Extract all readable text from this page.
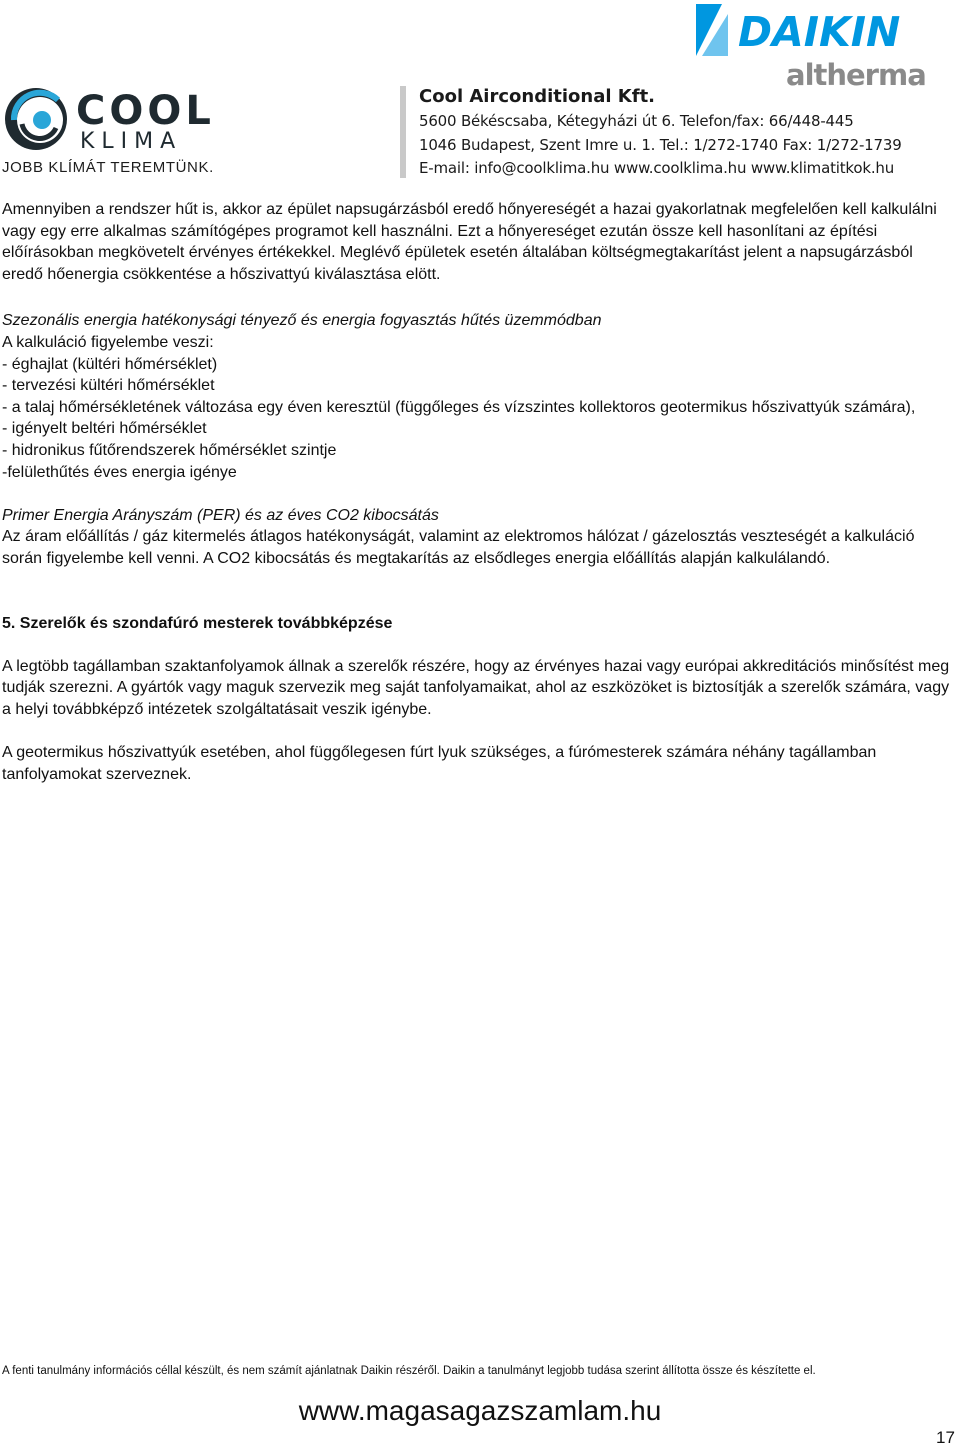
COOL
KLIMA
JOBB KLÍMÁT TEREMTÜNK.
Cool Airconditional Kft.
5600 Békéscsaba, Kétegyházi út 6. Telefon/fax: 66/448-445
1046 Budapest, Szent Imre u. 1. Tel.: 1/272-1740 Fax: 1/272-1739
E-mail: info@coolklima.hu www.coolklima.hu www.klimatitkok.hu
DAIKIN
altherma

Amennyiben a rendszer hűt is, akkor az épület napsugárzásból eredő hőnyereségét a hazai gyakorlatnak megfelelően kell kalkulálni vagy egy erre alkalmas számítógépes programot kell használni. Ezt a hőnyereséget ezután össze kell hasonlítani az építési előírásokban megkövetelt érvényes értékekkel. Meglévő épületek esetén általában költségmegtakarítást jelent a napsugárzásból eredő hőenergia csökkentése a hőszivattyú kiválasztása elött.

Szezonális energia hatékonysági tényező és energia fogyasztás hűtés üzemmódban

A kalkuláció figyelembe veszi:

- éghajlat (kültéri hőmérséklet)

- tervezési kültéri hőmérséklet

- a talaj hőmérsékletének változása egy éven keresztül (függőleges és vízszintes kollektoros geotermikus hőszivattyúk számára),

- igényelt beltéri hőmérséklet

- hidronikus fűtőrendszerek hőmérséklet szintje

-felülethűtés éves energia igénye

Primer Energia Arányszám (PER) és az éves CO2 kibocsátás

Az áram előállítás / gáz kitermelés átlagos hatékonyságát, valamint az elektromos hálózat / gázelosztás veszteségét a kalkuláció során figyelembe kell venni. A CO2 kibocsátás és megtakarítás az elsődleges energia előállítás alapján kalkulálandó.

5. Szerelők és szondafúró mesterek továbbképzése

A legtöbb tagállamban szaktanfolyamok állnak a szerelők részére, hogy az érvényes hazai vagy európai akkreditációs minősítést meg tudják szerezni. A gyártók vagy maguk szervezik meg saját tanfolyamaikat, ahol az eszközöket is biztosítják a szerelők számára, vagy a helyi továbbképző intézetek szolgáltatásait veszik igénybe.

A geotermikus hőszivattyúk esetében, ahol függőlegesen fúrt lyuk szükséges, a fúrómesterek számára néhány tagállamban tanfolyamokat szerveznek.

A fenti tanulmány információs céllal készült, és nem számít ajánlatnak Daikin részéről. Daikin a tanulmányt legjobb tudása szerint állította össze és készítette el.
www.magasagazszamlam.hu
17
